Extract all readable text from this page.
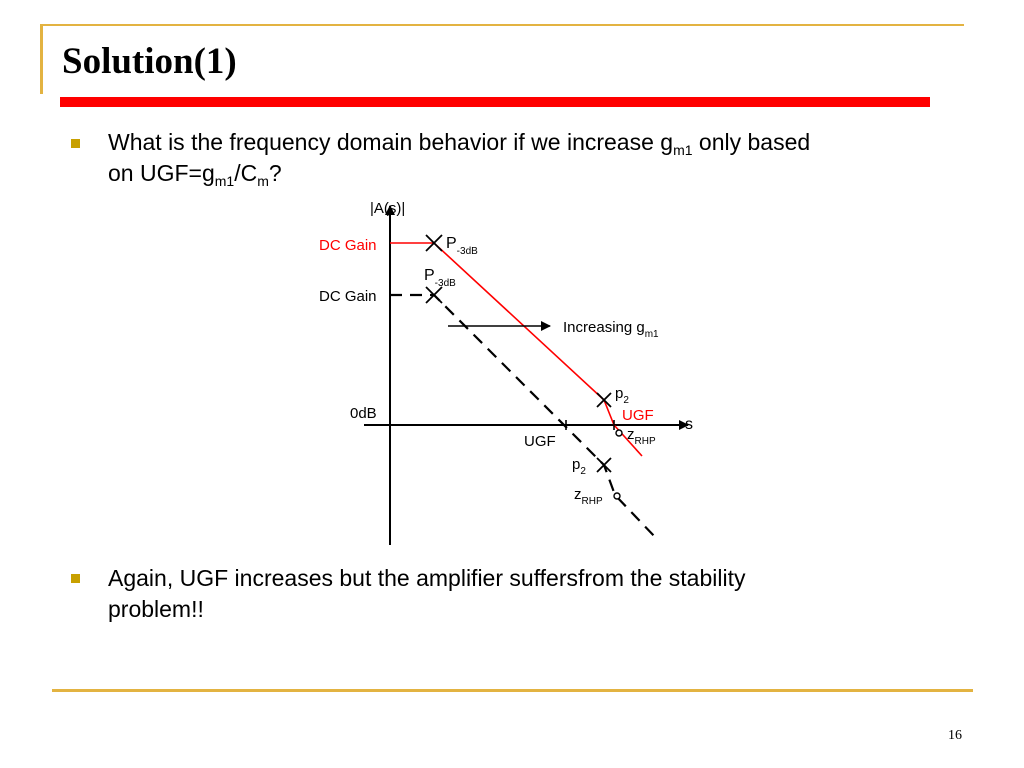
Solution(1)
What is the frequency domain behavior if we increase $g_{m1}$ only based
on $UGF=g_{m1}/C_m$?
|A(s)|
s
0dB
DC Gain	$P_{-3dB}$
$p_2$
UGF
$z_{RHP}$
DC Gain
$P_{-3dB}$
UGF
$p_2$
$z_{RHP}$
Increasing $g_{m1}$
Again, UGF increases but the amplifier suffersfrom the stability
problem!!
16
